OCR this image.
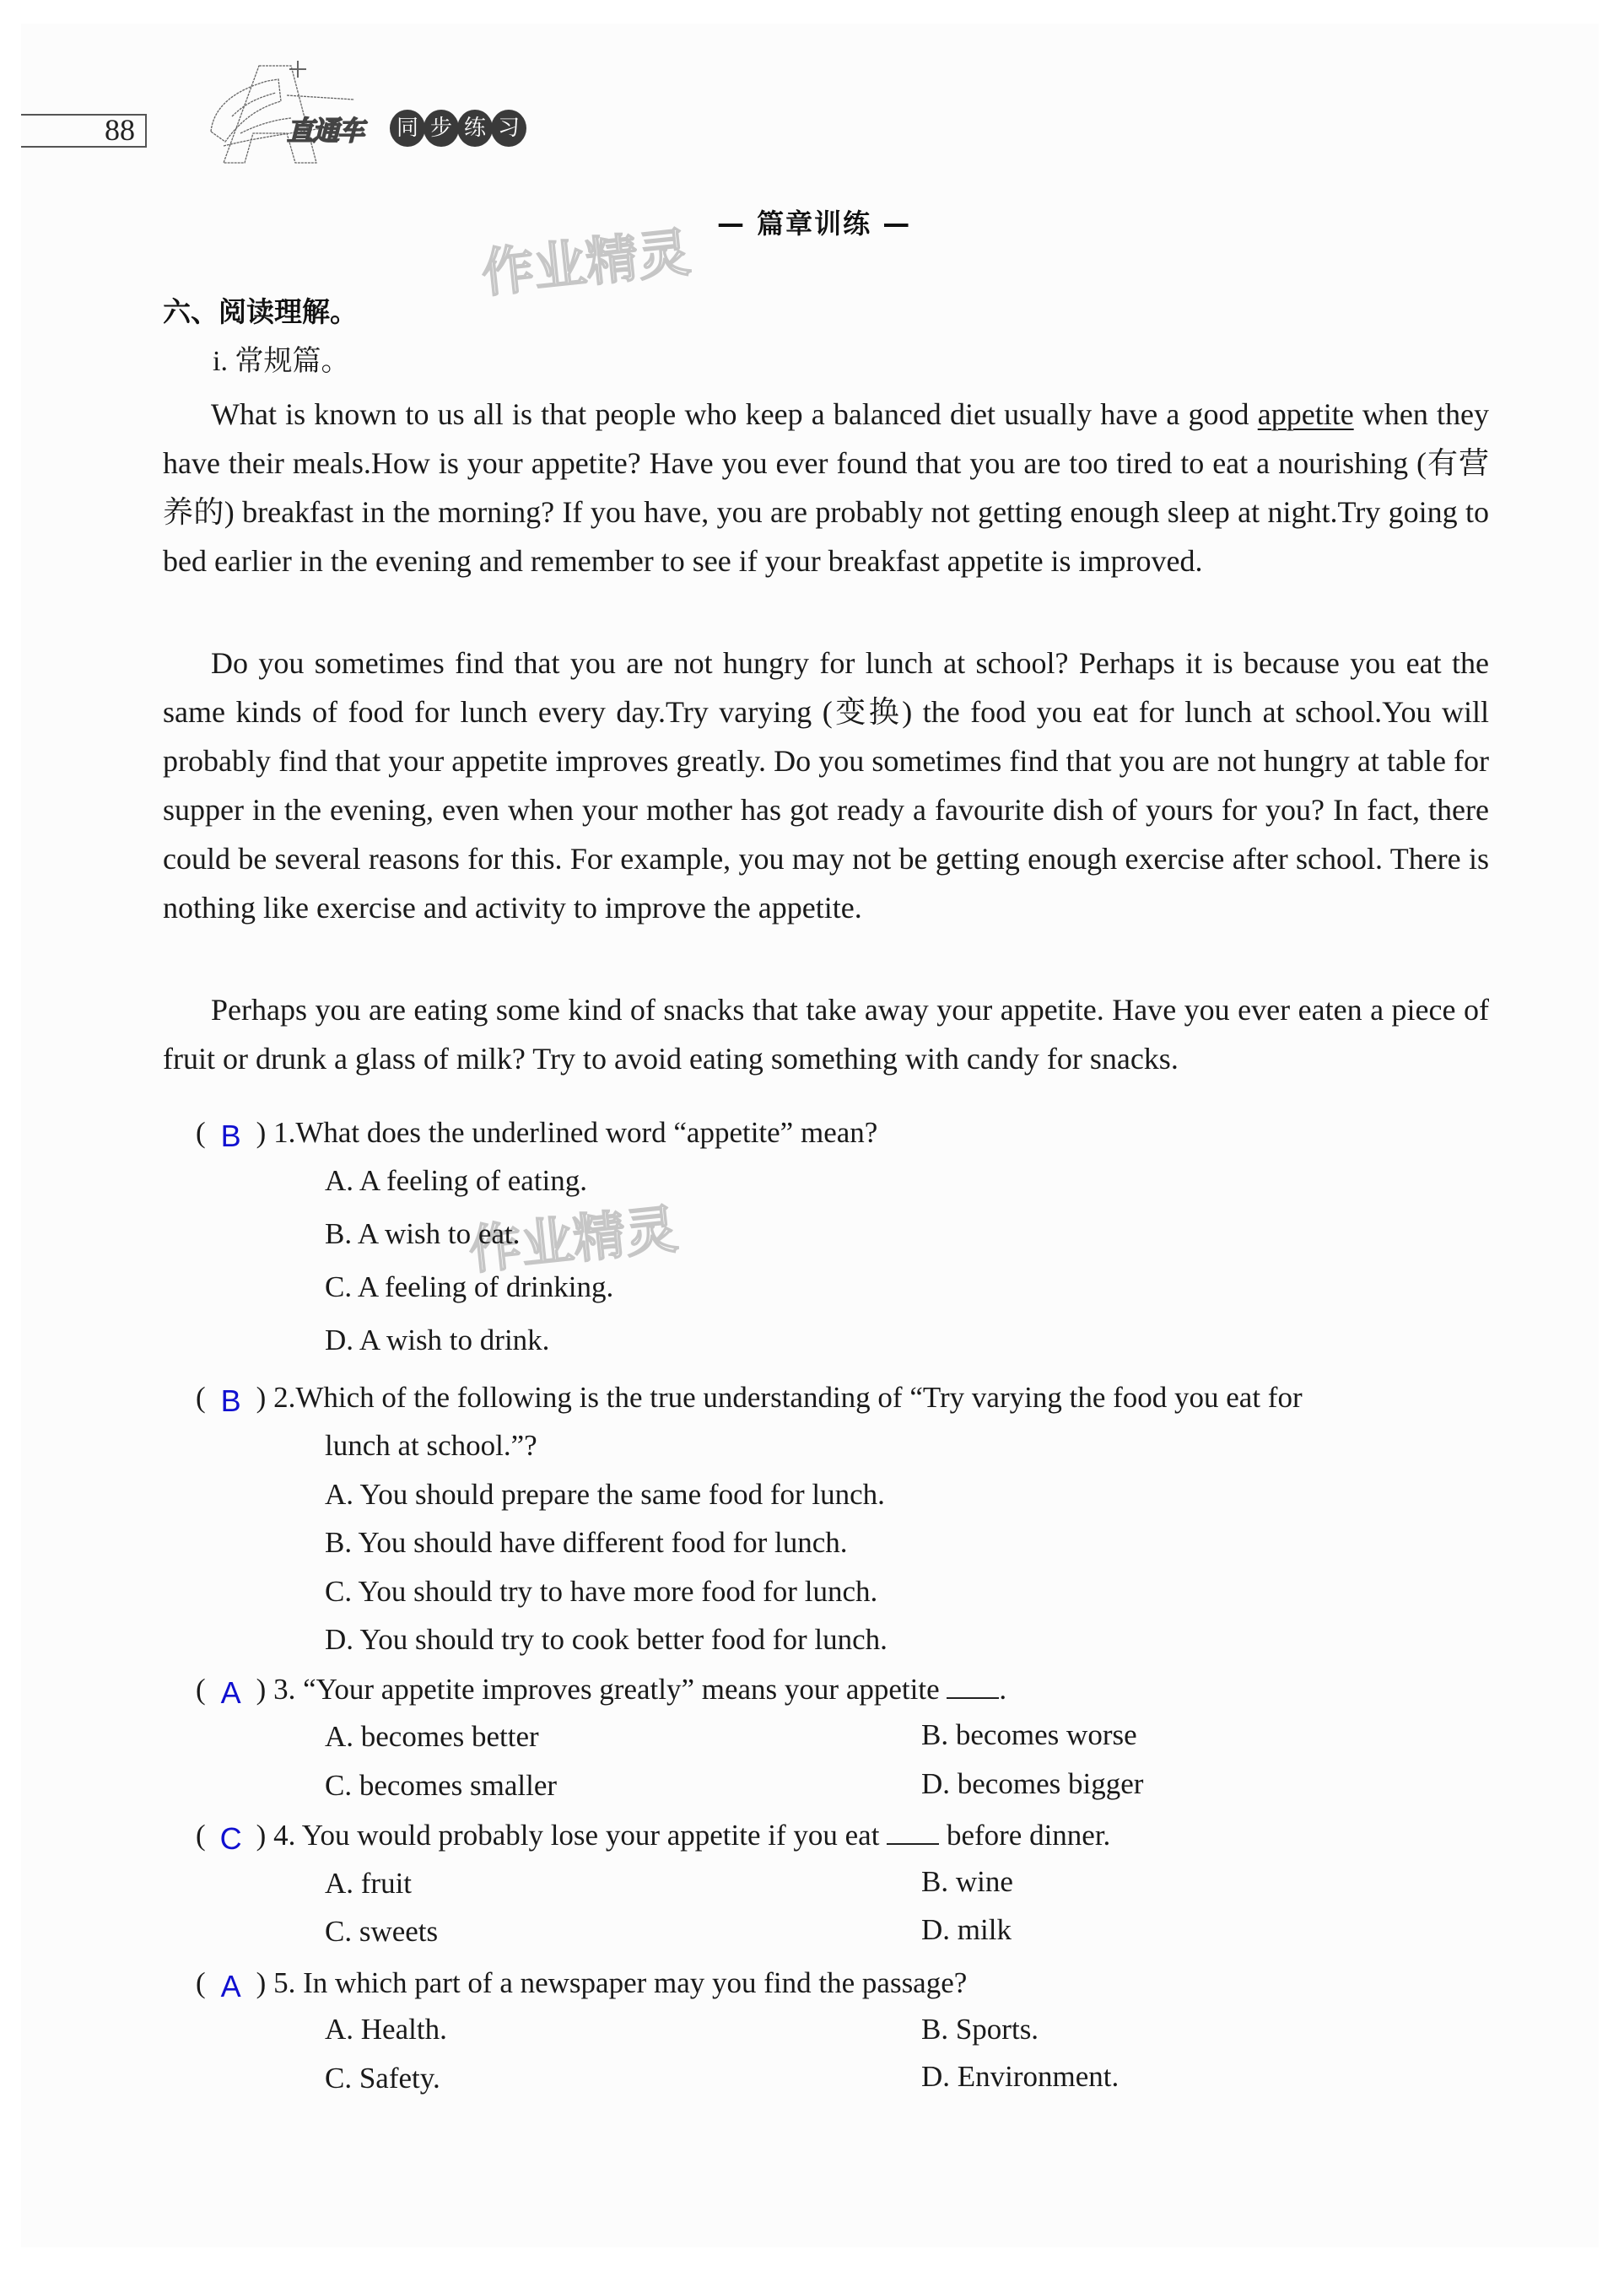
88	直通车	同 步 练 习
— 篇章训练 —
作业精灵
作业精灵
六、阅读理解。
i. 常规篇。
What is known to us all is that people who keep a balanced diet usually have a good appetite when they have their meals.How is your appetite? Have you ever found that you are too tired to eat a nourishing (有营养的) breakfast in the morning? If you have, you are probably not getting enough sleep at night.Try going to bed earlier in the evening and remember to see if your breakfast appetite is improved.
Do you sometimes find that you are not hungry for lunch at school? Perhaps it is because you eat the same kinds of food for lunch every day.Try varying (变换) the food you eat for lunch at school.You will probably find that your appetite improves greatly. Do you sometimes find that you are not hungry at table for supper in the evening, even when your mother has got ready a favourite dish of yours for you? In fact, there could be several reasons for this. For example, you may not be getting enough exercise after school. There is nothing like exercise and activity to improve the appetite.
Perhaps you are eating some kind of snacks that take away your appetite. Have you ever eaten a piece of fruit or drunk a glass of milk? Try to avoid eating something with candy for snacks.
( B ) 1.What does the underlined word “appetite” mean?
A. A feeling of eating.
B. A wish to eat.
C. A feeling of drinking.
D. A wish to drink.
( B ) 2.Which of the following is the true understanding of “Try varying the food you eat for
lunch at school.”?
A. You should prepare the same food for lunch.
B. You should have different food for lunch.
C. You should try to have more food for lunch.
D. You should try to cook better food for lunch.
( A ) 3. “Your appetite improves greatly” means your appetite .
A. becomes better	B. becomes worse
C. becomes smaller	D. becomes bigger
( C ) 4. You would probably lose your appetite if you eat  before dinner.
A. fruit	B. wine
C. sweets	D. milk
( A ) 5. In which part of a newspaper may you find the passage?
A. Health.	B. Sports.
C. Safety.	D. Environment.
